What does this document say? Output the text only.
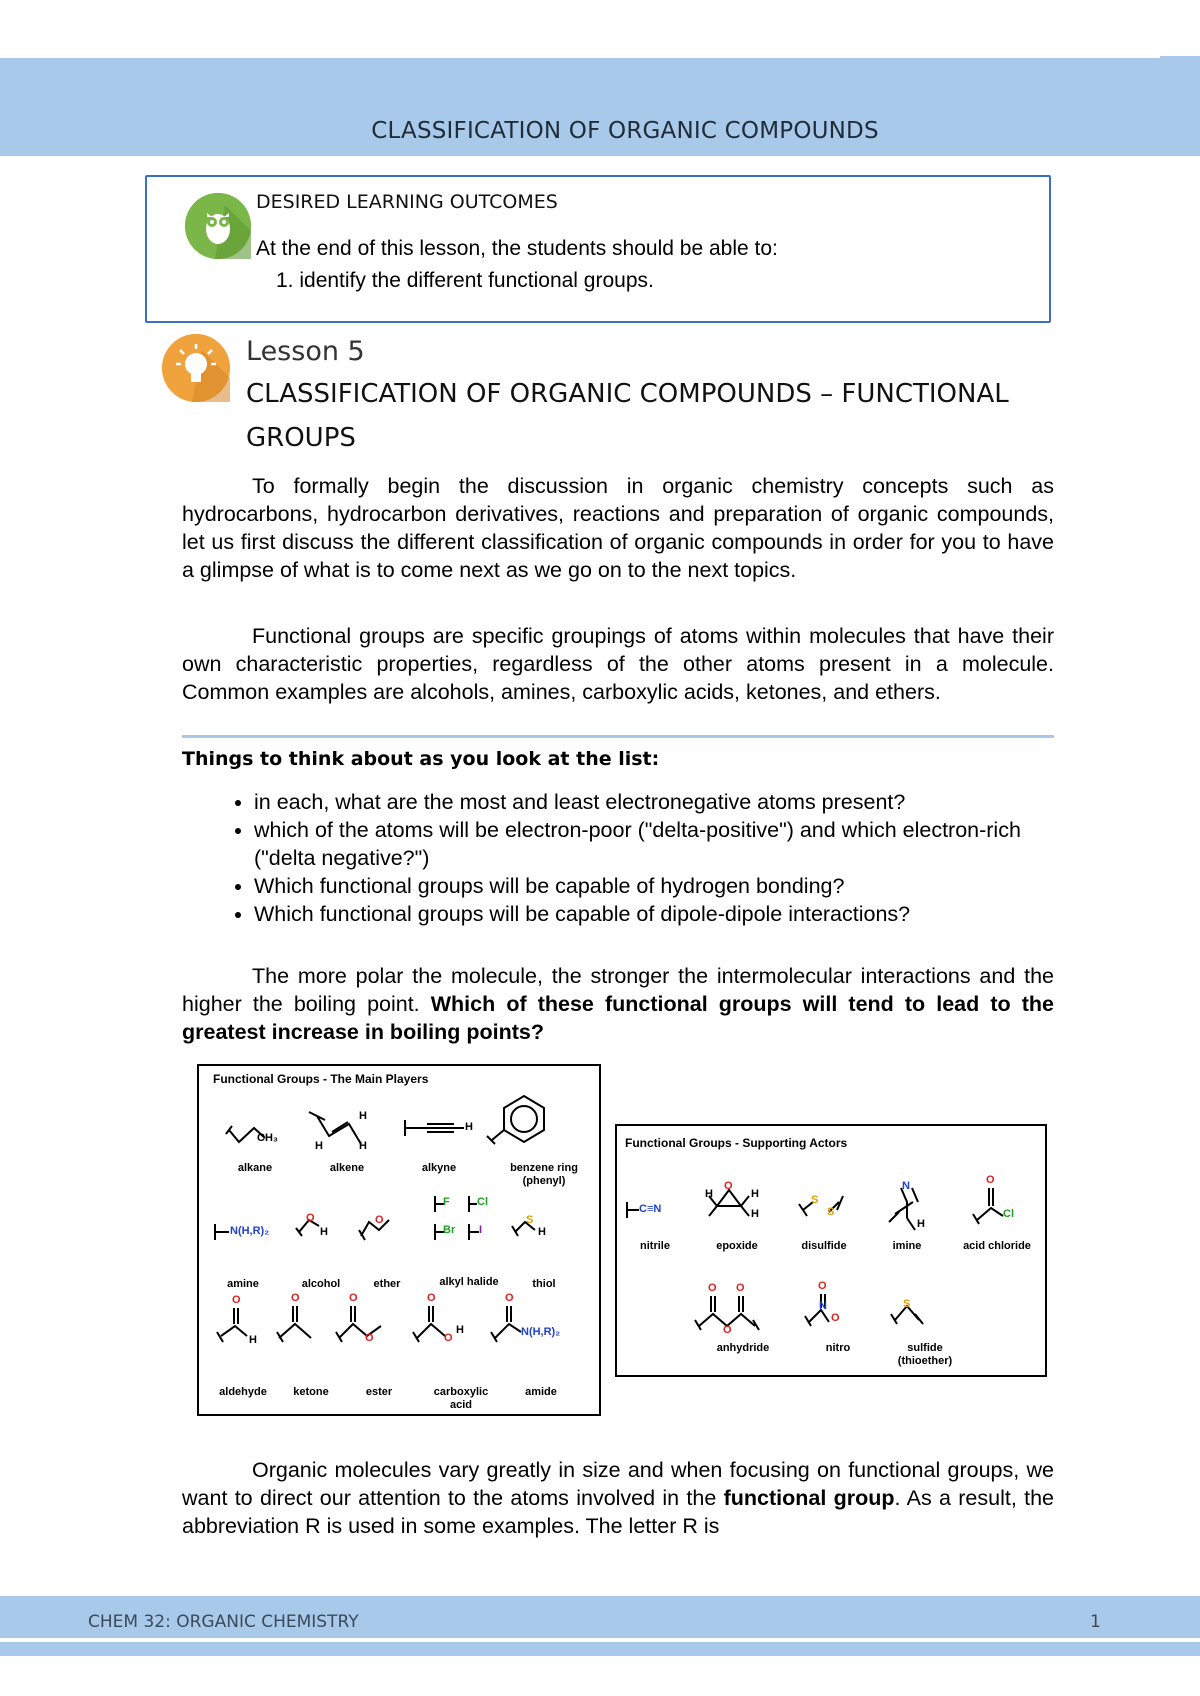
CLASSIFICATION OF ORGANIC COMPOUNDS
DESIRED LEARNING OUTCOMES
At the end of this lesson, the students should be able to:
1. identify the different functional groups.
Lesson 5
CLASSIFICATION OF ORGANIC COMPOUNDS – FUNCTIONAL GROUPS
To formally begin the discussion in organic chemistry concepts such as hydrocarbons, hydrocarbon derivatives, reactions and preparation of organic compounds, let us first discuss the different classification of organic compounds in order for you to have a glimpse of what is to come next as we go on to the next topics.
Functional groups are specific groupings of atoms within molecules that have their own characteristic properties, regardless of the other atoms present in a molecule. Common examples are alcohols, amines, carboxylic acids, ketones, and ethers.
Things to think about as you look at the list:
• in each, what are the most and least electronegative atoms present?
• which of the atoms will be electron-poor ("delta-positive") and which electron-rich ("delta negative?")
• Which functional groups will be capable of hydrogen bonding?
• Which functional groups will be capable of dipole-dipole interactions?
The more polar the molecule, the stronger the intermolecular interactions and the higher the boiling point. Which of these functional groups will tend to lead to the greatest increase in boiling points?
Functional Groups - The Main Players
CH₃
H
H	H
H
F Cl
Br I
N(H,R)₂
O
H
O	S
H
O
H
O	O
O
O
O
H
O
N(H,R)₂
alkane	alkene	alkyne	benzene ring
(phenyl)
amine	alcohol	ether	alkyl halide	thiol
aldehyde	ketone	ester	carboxylic
acid
amide
Functional Groups - Supporting Actors
C≡N
O
H	H
H
S
S
N
H
O
Cl
O O
O
O
N
O
S
nitrile	epoxide	disulfide	imine	acid chloride
anhydride	nitro	sulfide
(thioether)
Organic molecules vary greatly in size and when focusing on functional groups, we want to direct our attention to the atoms involved in the functional group. As a result, the abbreviation R is used in some examples. The letter R is
CHEM 32: ORGANIC CHEMISTRY	1
